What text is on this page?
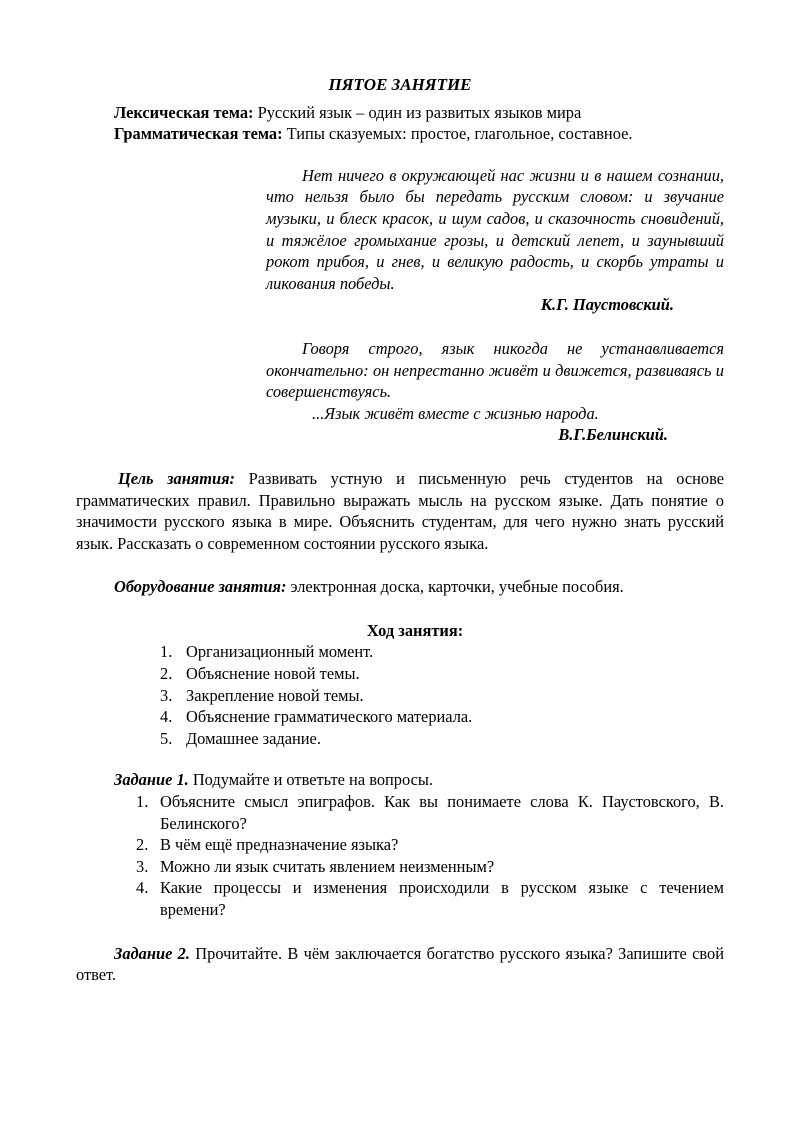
ПЯТОЕ ЗАНЯТИЕ
Лексическая тема: Русский язык – один из развитых языков мира
Грамматическая тема: Типы сказуемых: простое, глагольное, составное.

Нет ничего в окружающей нас жизни и в нашем сознании, что нельзя было бы передать русским словом: и звучание музыки, и блеск красок, и шум садов, и сказочность сновидений, и тяжёлое громыхание грозы, и детский лепет, и заунывший рокот прибоя, и гнев, и великую радость, и скорбь утраты и ликования победы.

К.Г. Паустовский.

Говоря строго, язык никогда не устанавливается окончательно: он непрестанно живёт и движется, развиваясь и совершенствуясь.

...Язык живёт вместе с жизнью народа.

В.Г.Белинский.

Цель занятия: Развивать устную и письменную речь студентов на основе грамматических правил. Правильно выражать мысль на русском языке. Дать понятие о значимости русского языка в мире. Объяснить студентам, для чего нужно знать русский язык. Рассказать о современном состоянии русского языка.
Оборудование занятия: электронная доска, карточки, учебные пособия.
Ход занятия:
1. Организационный момент.
2. Объяснение новой темы.
3. Закрепление новой темы.
4. Объяснение грамматического материала.
5. Домашнее задание.
Задание 1. Подумайте и ответьте на вопросы.
1. Объясните смысл эпиграфов. Как вы понимаете слова К. Паустовского, В. Белинского?
2. В чём ещё предназначение языка?
3. Можно ли язык считать явлением неизменным?
4. Какие процессы и изменения происходили в русском языке с течением времени?
Задание 2. Прочитайте. В чём заключается богатство русского языка? Запишите свой ответ.
